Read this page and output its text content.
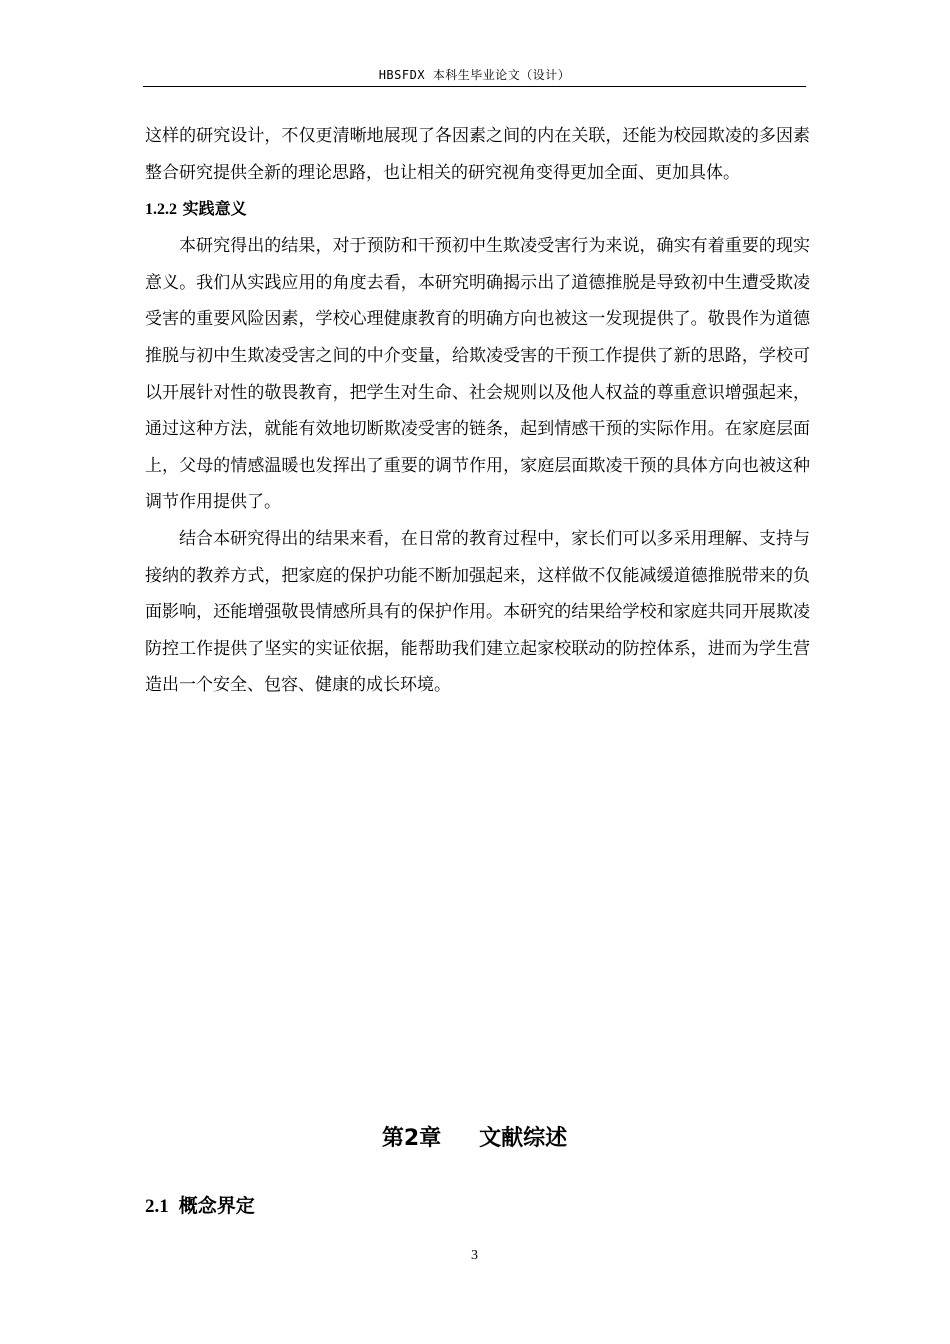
HBSFDX 本科生毕业论文（设计）

这样的研究设计，不仅更清晰地展现了各因素之间的内在关联，还能为校园欺凌的多因素整合研究提供全新的理论思路，也让相关的研究视角变得更加全面、更加具体。

1.2.2 实践意义

本研究得出的结果，对于预防和干预初中生欺凌受害行为来说，确实有着重要的现实意义。我们从实践应用的角度去看，本研究明确揭示出了道德推脱是导致初中生遭受欺凌受害的重要风险因素，学校心理健康教育的明确方向也被这一发现提供了。敬畏作为道德推脱与初中生欺凌受害之间的中介变量，给欺凌受害的干预工作提供了新的思路，学校可以开展针对性的敬畏教育，把学生对生命、社会规则以及他人权益的尊重意识增强起来，通过这种方法，就能有效地切断欺凌受害的链条，起到情感干预的实际作用。在家庭层面上，父母的情感温暖也发挥出了重要的调节作用，家庭层面欺凌干预的具体方向也被这种调节作用提供了。

结合本研究得出的结果来看，在日常的教育过程中，家长们可以多采用理解、支持与接纳的教养方式，把家庭的保护功能不断加强起来，这样做不仅能减缓道德推脱带来的负面影响，还能增强敬畏情感所具有的保护作用。本研究的结果给学校和家庭共同开展欺凌防控工作提供了坚实的实证依据，能帮助我们建立起家校联动的防控体系，进而为学生营造出一个安全、包容、健康的成长环境。

第2章 文献综述
2.1 概念界定
3
